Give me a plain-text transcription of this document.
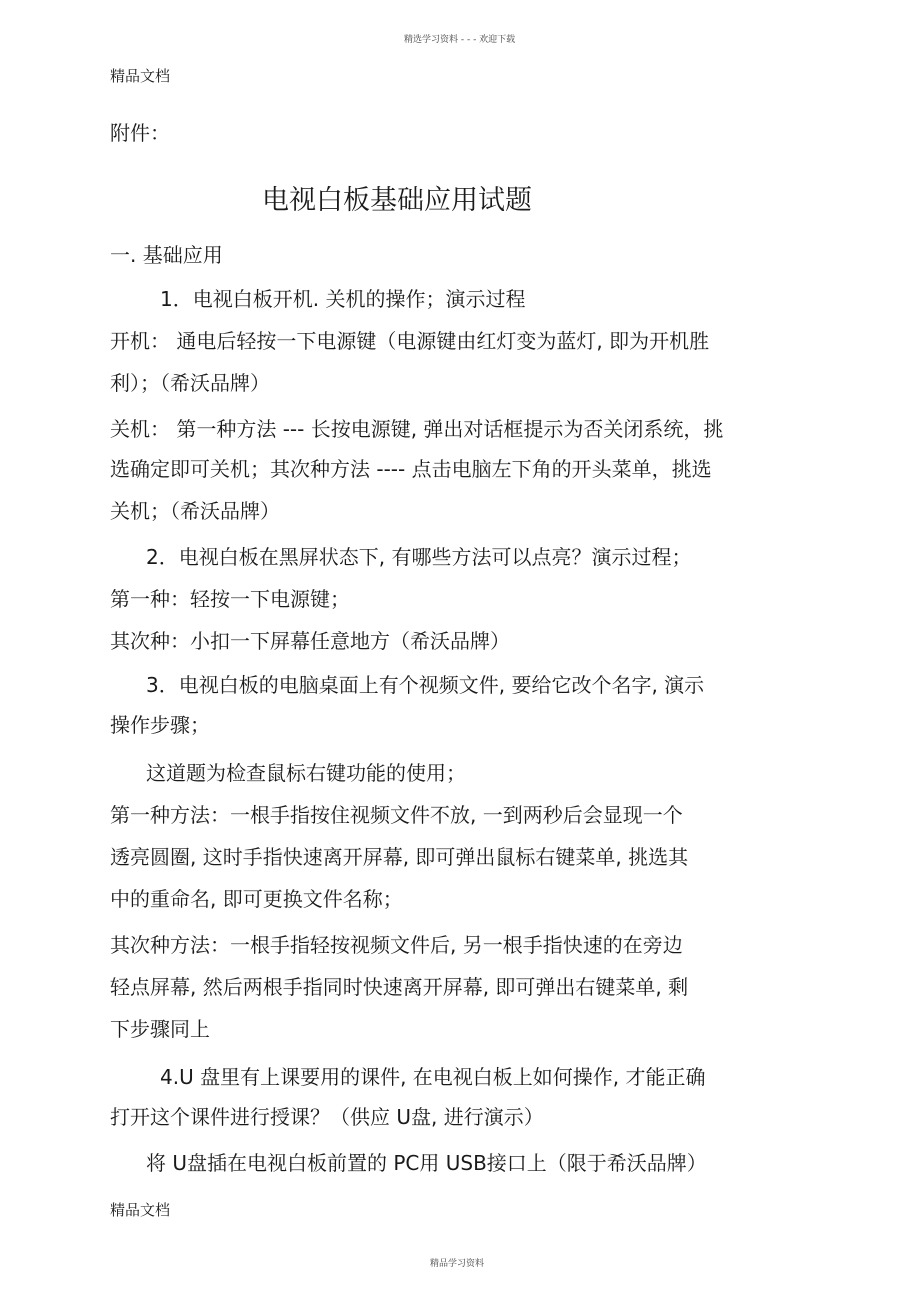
精选学习资料 - - - 欢迎下载
精品文档
附件：
电视白板基础应用试题
一. 基础应用
1．电视白板开机. 关机的操作；演示过程
开机： 通电后轻按一下电源键（电源键由红灯变为蓝灯, 即为开机胜
利）；（希沃品牌）
关机： 第一种方法 --- 长按电源键, 弹出对话框提示为否关闭系统，挑
选确定即可关机；其次种方法 ---- 点击电脑左下角的开头菜单，挑选
关机；（希沃品牌）
2．电视白板在黑屏状态下, 有哪些方法可以点亮？演示过程；
第一种：轻按一下电源键；
其次种：小扣一下屏幕任意地方（希沃品牌）
3．电视白板的电脑桌面上有个视频文件, 要给它改个名字, 演示
操作步骤；
这道题为检查鼠标右键功能的使用；
第一种方法：一根手指按住视频文件不放, 一到两秒后会显现一个
透亮圆圈, 这时手指快速离开屏幕, 即可弹出鼠标右键菜单, 挑选其
中的重命名, 即可更换文件名称；
其次种方法：一根手指轻按视频文件后, 另一根手指快速的在旁边
轻点屏幕, 然后两根手指同时快速离开屏幕, 即可弹出右键菜单, 剩
下步骤同上
4.U 盘里有上课要用的课件, 在电视白板上如何操作, 才能正确
打开这个课件进行授课？（供应 U盘, 进行演示）
将 U盘插在电视白板前置的 PC用 USB接口上（限于希沃品牌）
精品文档
精品学习资料
